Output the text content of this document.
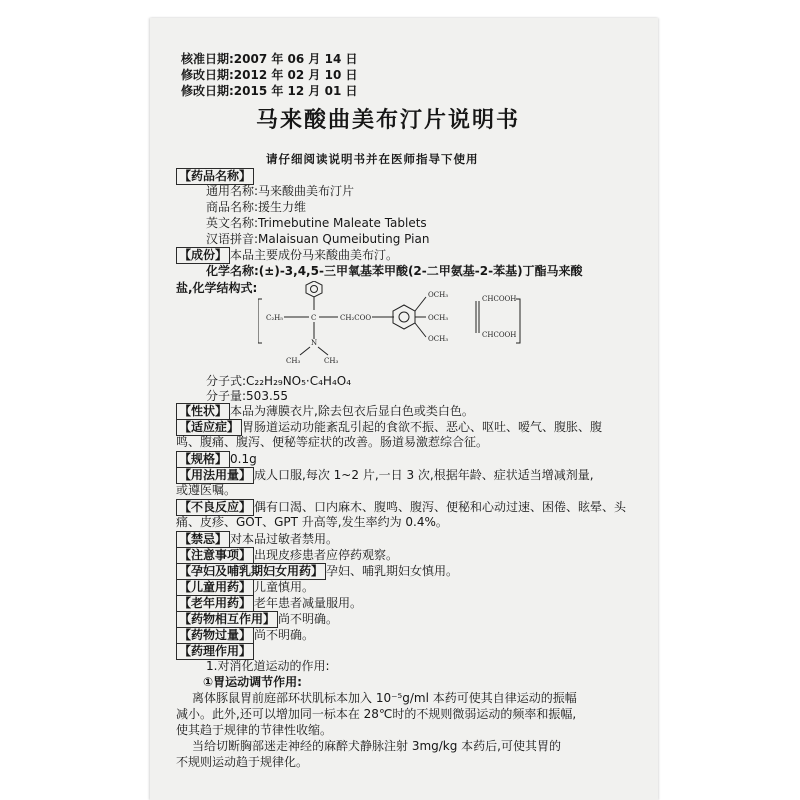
核准日期:2007 年 06 月 14 日
修改日期:2012 年 02 月 10 日
修改日期:2015 年 12 月 01 日
马来酸曲美布汀片说明书
请仔细阅读说明书并在医师指导下使用
【 药品名称 】
通用名称:马来酸曲美布汀片
商品名称:援生力维
英文名称:Trimebutine Maleate Tablets
汉语拼音:Malaisuan Qumeibuting Pian
【 成份 】 本品主要成份马来酸曲美布汀。
化学名称:(±)-3,4,5-三甲氧基苯甲酸(2-二甲氨基-2-苯基)丁酯马来酸
盐,化学结构式:
C₂H₅	C	CH₂COO
N
CH₃	CH₃
OCH₃
OCH₃
OCH₃
CHCOOH
CHCOOH
分子式:C₂₂H₂₉NO₅·C₄H₄O₄
分子量:503.55
【 性状 】 本品为薄膜衣片,除去包衣后显白色或类白色。
【 适应症 】 胃肠道运动功能紊乱引起的食欲不振、恶心、呕吐、嗳气、腹胀、腹
鸣、腹痛、腹泻、便秘等症状的改善。肠道易激惹综合征。
【 规格 】 0.1g
【 用法用量 】 成人口服,每次 1~2 片,一日 3 次,根据年龄、症状适当增减剂量,
或遵医嘱。
【 不良反应 】 偶有口渴、口内麻木、腹鸣、腹泻、便秘和心动过速、困倦、眩晕、头
痛、皮疹、GOT、GPT 升高等,发生率约为 0.4%。
【 禁忌 】 对本品过敏者禁用。
【 注意事项 】 出现皮疹患者应停药观察。
【 孕妇及哺乳期妇女用药 】 孕妇、哺乳期妇女慎用。
【 儿童用药 】 儿童慎用。
【 老年用药 】 老年患者减量服用。
【 药物相互作用 】 尚不明确。
【 药物过量 】 尚不明确。
【 药理作用 】
1.对消化道运动的作用:
①胃运动调节作用:
离体豚鼠胃前庭部环状肌标本加入 10⁻⁵g/ml 本药可使其自律运动的振幅
减小。此外,还可以增加同一标本在 28℃时的不规则微弱运动的频率和振幅,
使其趋于规律的节律性收缩。
当给切断胸部迷走神经的麻醉犬静脉注射 3mg/kg 本药后,可使其胃的
不规则运动趋于规律化。
